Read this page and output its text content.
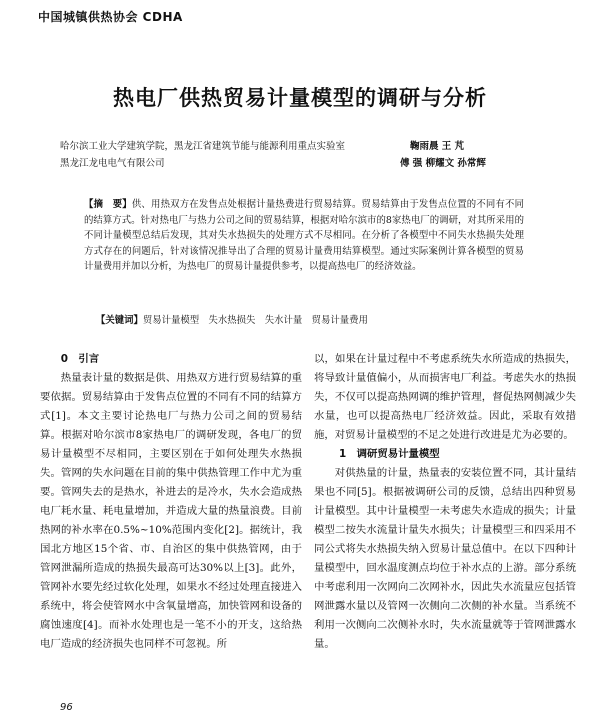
中国城镇供热协会 CDHA
热电厂供热贸易计量模型的调研与分析
哈尔滨工业大学建筑学院，黑龙江省建筑节能与能源利用重点实验室	鞠雨晨 王 芃
黑龙江龙电电气有限公司	傅 强 柳耀文 孙常辉
【摘　要】供、用热双方在发售点处根据计量热费进行贸易结算。贸易结算由于发售点位置的不同有不同的结算方式。针对热电厂与热力公司之间的贸易结算，根据对哈尔滨市的8家热电厂的调研，对其所采用的不同计量模型总结后发现，其对失水热损失的处理方式不尽相同。在分析了各模型中不同失水热损失处理方式存在的问题后，针对该情况推导出了合理的贸易计量费用结算模型。通过实际案例计算各模型的贸易计量费用并加以分析，为热电厂的贸易计量提供参考，以提高热电厂的经济效益。
【关键词】贸易计量模型　失水热损失　失水计量　贸易计量费用
0　引言

热量表计量的数据是供、用热双方进行贸易结算的重要依据。贸易结算由于发售点位置的不同有不同的结算方式[1]。本文主要讨论热电厂与热力公司之间的贸易结算。根据对哈尔滨市8家热电厂的调研发现，各电厂的贸易计量模型不尽相同，主要区别在于如何处理失水热损失。管网的失水问题在目前的集中供热管理工作中尤为重要。管网失去的是热水，补进去的是冷水，失水会造成热电厂耗水量、耗电量增加，并造成大量的热量浪费。目前热网的补水率在0.5%~10%范围内变化[2]。据统计，我国北方地区15个省、市、自治区的集中供热管网，由于管网泄漏所造成的热损失最高可达30%以上[3]。此外，管网补水要先经过软化处理，如果水不经过处理直接进入系统中，将会使管网水中含氧量增高，加快管网和设备的腐蚀速度[4]。而补水处理也是一笔不小的开支，这给热电厂造成的经济损失也同样不可忽视。所

以，如果在计量过程中不考虑系统失水所造成的热损失，将导致计量值偏小，从而损害电厂利益。考虑失水的热损失，不仅可以提高热网调的维护管理，督促热网侧减少失水量，也可以提高热电厂经济效益。因此，采取有效措施，对贸易计量模型的不足之处进行改进是尤为必要的。

1　调研贸易计量模型

对供热量的计量，热量表的安装位置不同，其计量结果也不同[5]。根据被调研公司的反馈，总结出四种贸易计量模型。其中计量模型一未考虑失水造成的损失；计量模型二按失水流量计量失水损失；计量模型三和四采用不同公式将失水热损失纳入贸易计量总值中。在以下四种计量模型中，回水温度测点均位于补水点的上游。部分系统中考虑利用一次网向二次网补水，因此失水流量应包括管网泄露水量以及管网一次侧向二次侧的补水量。当系统不利用一次侧向二次侧补水时，失水流量就等于管网泄露水量。

96
